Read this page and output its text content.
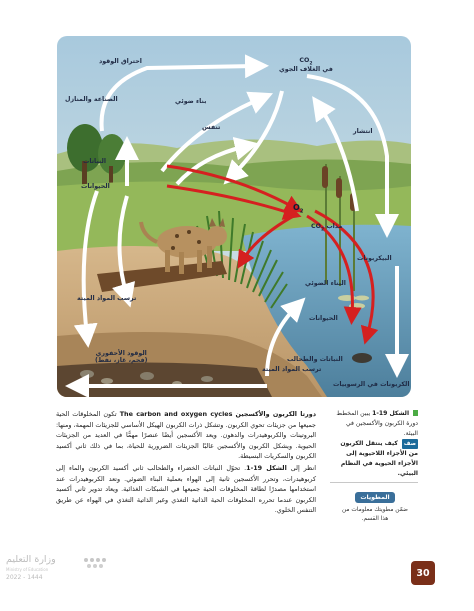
احتراق الوقود	$CO_2$
في الغلاف الجوي
الصناعة والمنازل	بناء ضوئي
تنفس
انتشار
النباتات
الحيوانات
$O_2$
مذاب $CO_2$
البيكربونات
البناء الضوئي
ترسب المواد الميتة
الحيوانات
النباتات والطحالب
الوقود الأحفوري
(فحم، غاز، نفط)
ترسب المواد الميتة
الكربونات في الرسوبيات

دورتا الكربون والأكسجين The carbon and oxygen cycles تكون المخلوقات الحية جميعها من جزيئات تحوي الكربون. وتشكل ذرات الكربون الهيكل الأساسي للجزيئات المهمة، ومنها: البروتينات والكربوهيدرات والدهون. ويعد الأكسجين أيضًا عنصرًا مهمًّا في العديد من الجزيئات الحيوية. ويشكل الكربون والأكسجين غالبًا الجزيئات الضرورية للحياة، بما في ذلك ثاني أكسيد الكربون والسكريات البسيطة.

انظر إلى الشكل 19-1. تحوّل النباتات الخضراء والطحالب ثاني أكسيد الكربون والماء إلى كربوهيدرات، وتحرر الأكسجين ثانية إلى الهواء بعملية البناء الضوئي. وتعد الكربوهيدرات عند استخدامها مصدرًا لطاقة المخلوقات الحية جميعها في الشبكات الغذائية. ويعاد تدوير ثاني أكسيد الكربون عندما تحرره المخلوقات الحية الذاتية التغذي وغير الذاتية التغذي في الهواء عن طريق التنفس الخلوي.

الشكل 19-1 يبين المخطط دورة الكربون والأكسجين في البيئة.
صف كيف ينتقل الكربون من الأجزاء اللاحيوية إلى الأجزاء الحيوية في النظام البيئي.
المطويات
ضمّن مطويتك معلومات من هذا القسم.
30
وزارة التعليم
Ministry of Education
2022 - 1444
